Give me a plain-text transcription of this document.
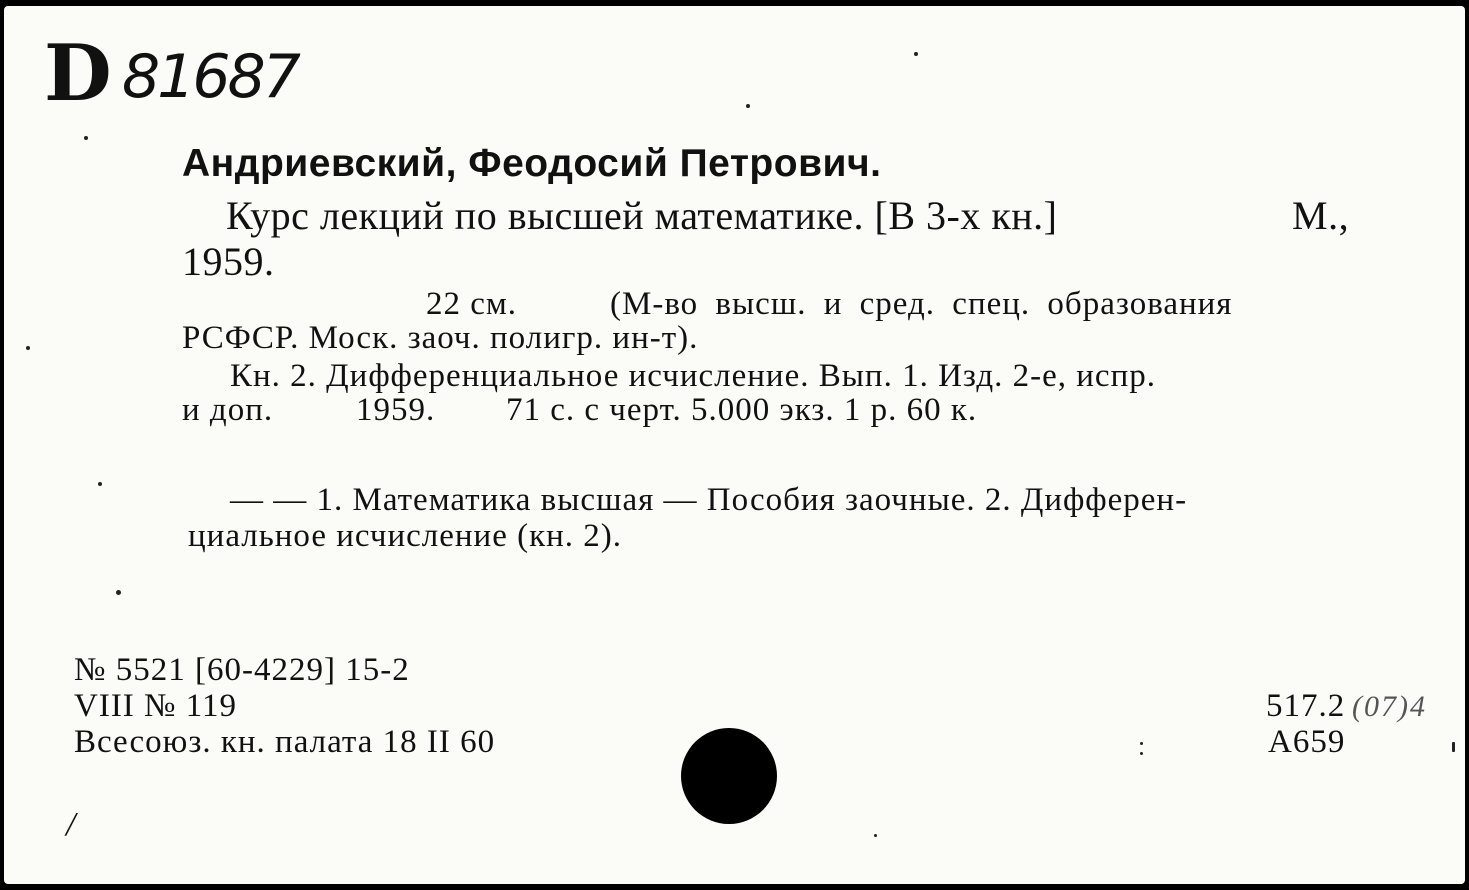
D 81687
Андриевский, Феодосий Петрович.
Курс лекций по высшей математике. [В 3-х кн.]	М.,
1959.
22 см.	(М-во высш. и сред. спец. образования
РСФСР. Моск. заоч. полигр. ин-т).
Кн. 2. Дифференциальное исчисление. Вып. 1. Изд. 2-е, испр.
и доп.	1959. 71 с. с черт. 5.000 экз. 1 р. 60 к.
— — 1. Математика высшая — Пособия заочные. 2. Дифферен-
циальное исчисление (кн. 2).
№ 5521 [60-4229] 15-2
VIII № 119
Всесоюз. кн. палата 18 II 60
517.2 (07)4
А659
/
